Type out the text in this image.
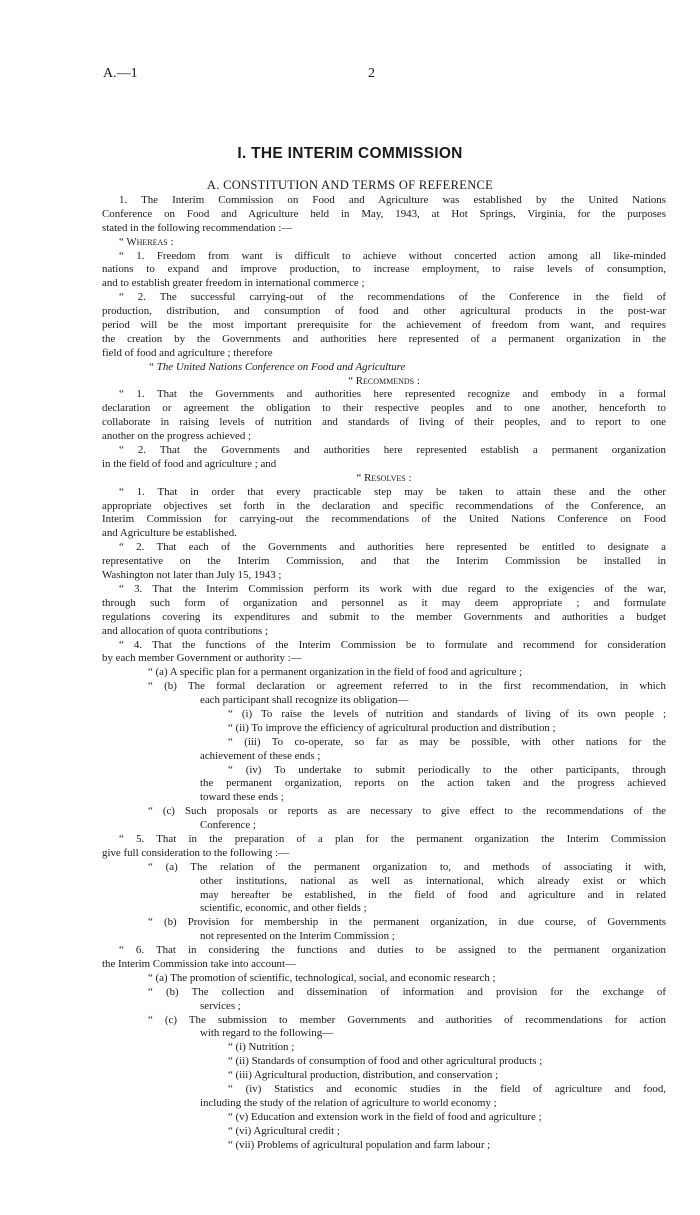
A.—1	2
I. THE INTERIM COMMISSION
A. CONSTITUTION AND TERMS OF REFERENCE
1. The Interim Commission on Food and Agriculture was established by the United Nations
Conference on Food and Agriculture held in May, 1943, at Hot Springs, Virginia, for the purposes
stated in the following recommendation :—
“ Whereas :
“ 1. Freedom from want is difficult to achieve without concerted action among all like-minded
nations to expand and improve production, to increase employment, to raise levels of consumption,
and to establish greater freedom in international commerce ;
“ 2. The successful carrying-out of the recommendations of the Conference in the field of
production, distribution, and consumption of food and other agricultural products in the post-war
period will be the most important prerequisite for the achievement of freedom from want, and requires
the creation by the Governments and authorities here represented of a permanent organization in the
field of food and agriculture ; therefore
“ The United Nations Conference on Food and Agriculture
“ Recommends :
“ 1. That the Governments and authorities here represented recognize and embody in a formal
declaration or agreement the obligation to their respective peoples and to one another, henceforth to
collaborate in raising levels of nutrition and standards of living of their peoples, and to report to one
another on the progress achieved ;
“ 2. That the Governments and authorities here represented establish a permanent organization
in the field of food and agriculture ; and
“ Resolves :
“ 1. That in order that every practicable step may be taken to attain these and the other
appropriate objectives set forth in the declaration and specific recommendations of the Conference, an
Interim Commission for carrying-out the recommendations of the United Nations Conference on Food
and Agriculture be established.
“ 2. That each of the Governments and authorities here represented be entitled to designate a
representative on the Interim Commission, and that the Interim Commission be installed in
Washington not later than July 15, 1943 ;
“ 3. That the Interim Commission perform its work with due regard to the exigencies of the war,
through such form of organization and personnel as it may deem appropriate ; and formulate
regulations covering its expenditures and submit to the member Governments and authorities a budget
and allocation of quota contributions ;
“ 4. That the functions of the Interim Commission be to formulate and recommend for consideration
by each member Government or authority :—
“ (a) A specific plan for a permanent organization in the field of food and agriculture ;
“ (b) The formal declaration or agreement referred to in the first recommendation, in which
each participant shall recognize its obligation—
“ (i) To raise the levels of nutrition and standards of living of its own people ;
“ (ii) To improve the efficiency of agricultural production and distribution ;
“ (iii) To co-operate, so far as may be possible, with other nations for the
achievement of these ends ;
“ (iv) To undertake to submit periodically to the other participants, through
the permanent organization, reports on the action taken and the progress achieved
toward these ends ;
“ (c) Such proposals or reports as are necessary to give effect to the recommendations of the
Conference ;
“ 5. That in the preparation of a plan for the permanent organization the Interim Commission
give full consideration to the following :—
“ (a) The relation of the permanent organization to, and methods of associating it with,
other institutions, national as well as international, which already exist or which
may hereafter be established, in the field of food and agriculture and in related
scientific, economic, and other fields ;
“ (b) Provision for membership in the permanent organization, in due course, of Governments
not represented on the Interim Commission ;
“ 6. That in considering the functions and duties to be assigned to the permanent organization
the Interim Commission take into account—
“ (a) The promotion of scientific, technological, social, and economic research ;
“ (b) The collection and dissemination of information and provision for the exchange of
services ;
“ (c) The submission to member Governments and authorities of recommendations for action
with regard to the following—
“ (i) Nutrition ;
“ (ii) Standards of consumption of food and other agricultural products ;
“ (iii) Agricultural production, distribution, and conservation ;
“ (iv) Statistics and economic studies in the field of agriculture and food,
including the study of the relation of agriculture to world economy ;
“ (v) Education and extension work in the field of food and agriculture ;
“ (vi) Agricultural credit ;
“ (vii) Problems of agricultural population and farm labour ;
